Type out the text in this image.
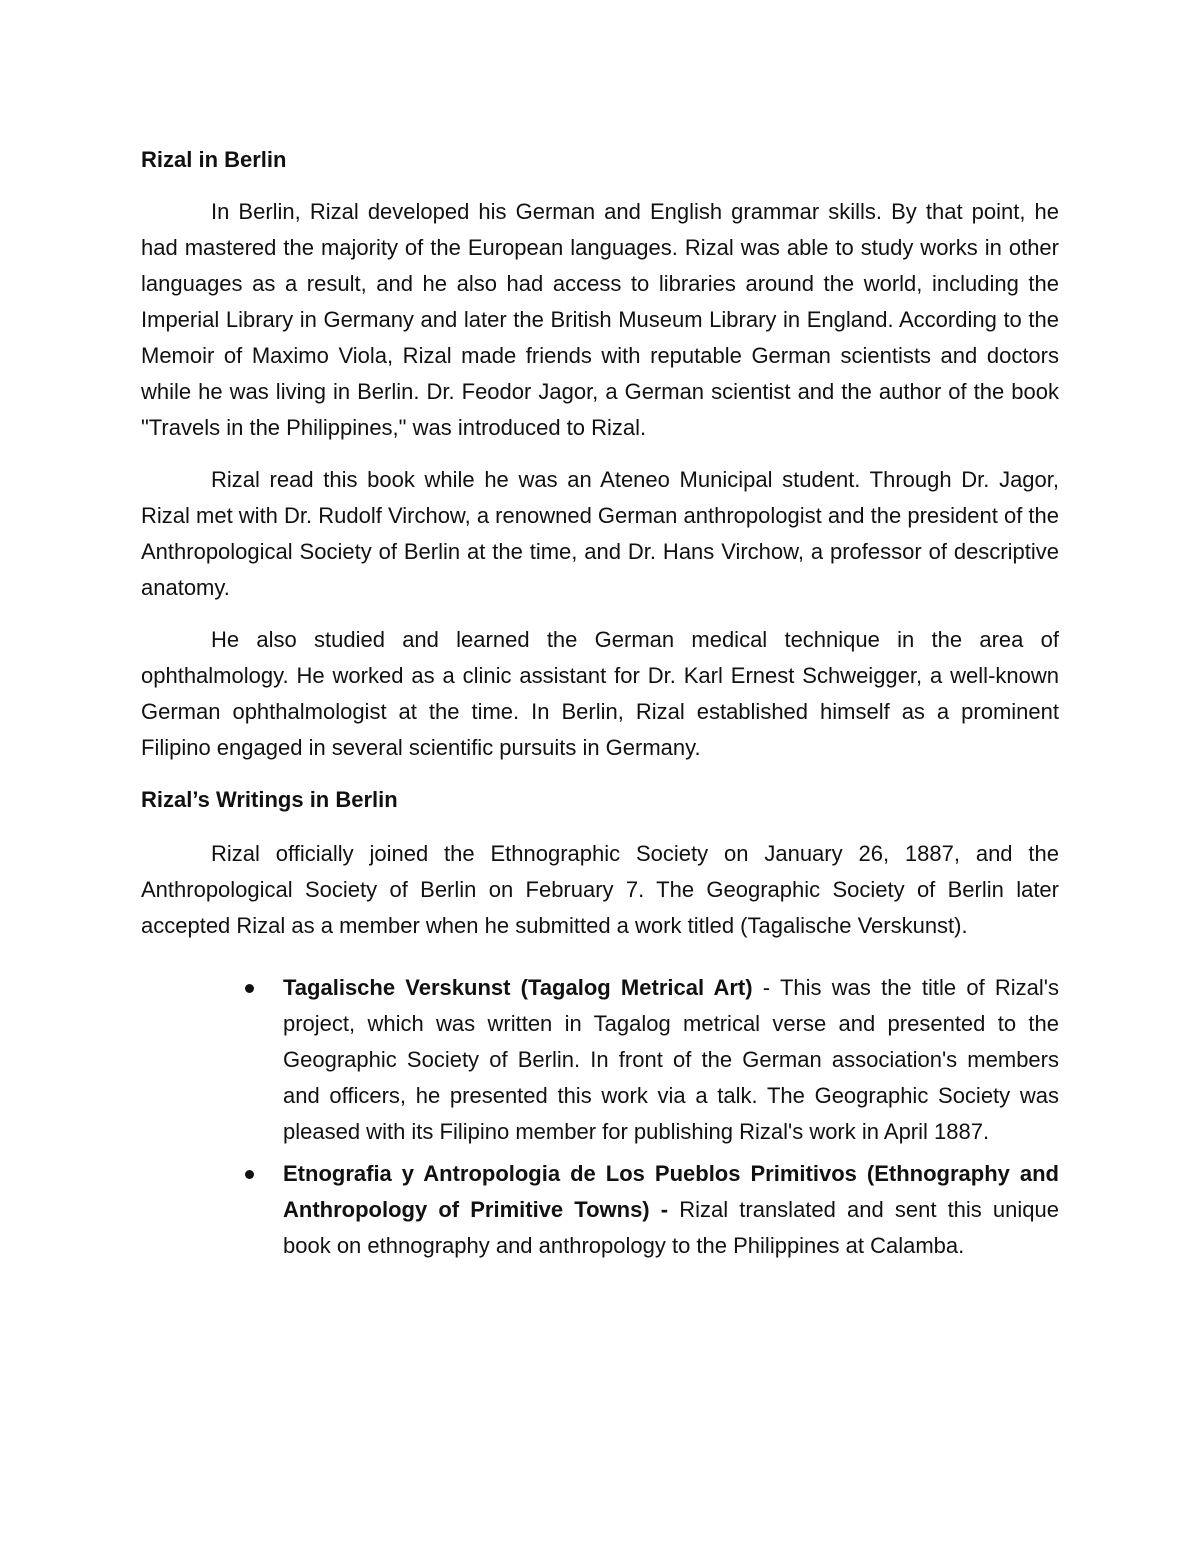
Rizal in Berlin

In Berlin, Rizal developed his German and English grammar skills. By that point, he had mastered the majority of the European languages. Rizal was able to study works in other languages as a result, and he also had access to libraries around the world, including the Imperial Library in Germany and later the British Museum Library in England. According to the Memoir of Maximo Viola, Rizal made friends with reputable German scientists and doctors while he was living in Berlin. Dr. Feodor Jagor, a German scientist and the author of the book "Travels in the Philippines," was introduced to Rizal.

Rizal read this book while he was an Ateneo Municipal student. Through Dr. Jagor, Rizal met with Dr. Rudolf Virchow, a renowned German anthropologist and the president of the Anthropological Society of Berlin at the time, and Dr. Hans Virchow, a professor of descriptive anatomy.

He also studied and learned the German medical technique in the area of ophthalmology. He worked as a clinic assistant for Dr. Karl Ernest Schweigger, a well-known German ophthalmologist at the time. In Berlin, Rizal established himself as a prominent Filipino engaged in several scientific pursuits in Germany.

Rizal’s Writings in Berlin

Rizal officially joined the Ethnographic Society on January 26, 1887, and the Anthropological Society of Berlin on February 7. The Geographic Society of Berlin later accepted Rizal as a member when he submitted a work titled (Tagalische Verskunst).

Tagalische Verskunst (Tagalog Metrical Art) - This was the title of Rizal's project, which was written in Tagalog metrical verse and presented to the Geographic Society of Berlin. In front of the German association's members and officers, he presented this work via a talk. The Geographic Society was pleased with its Filipino member for publishing Rizal's work in April 1887.
Etnografia y Antropologia de Los Pueblos Primitivos (Ethnography and Anthropology of Primitive Towns) - Rizal translated and sent this unique book on ethnography and anthropology to the Philippines at Calamba.
